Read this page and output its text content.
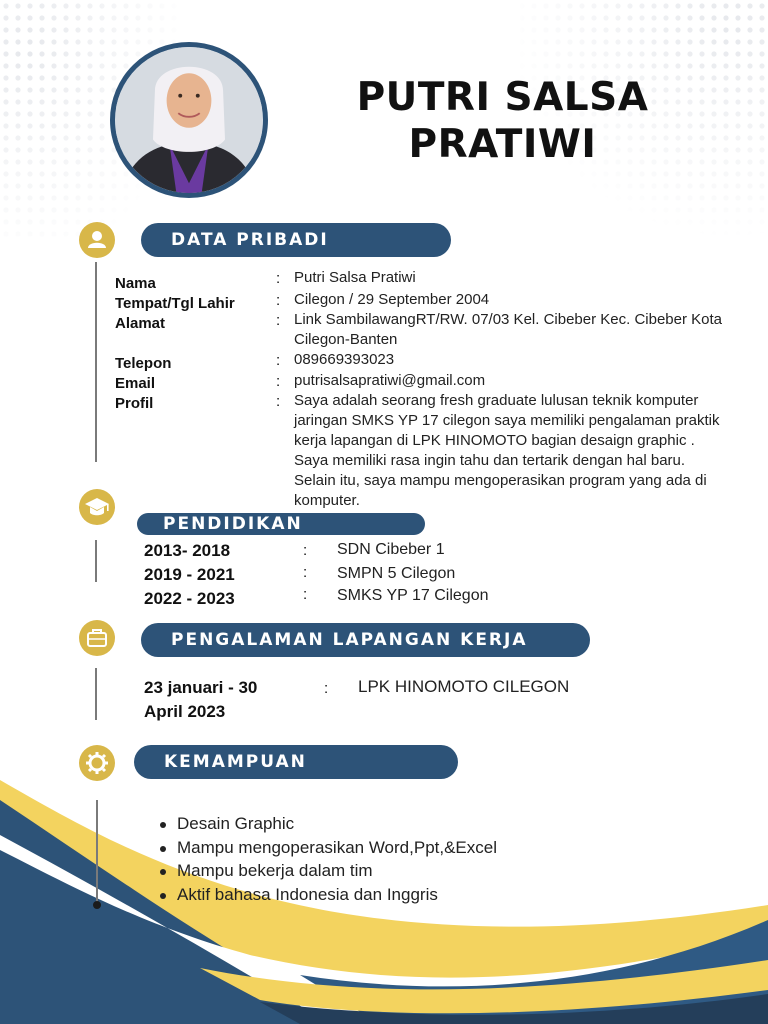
PUTRI SALSA
PRATIWI
DATA PRIBADI
Nama	: Putri Salsa Pratiwi
Tempat/Tgl Lahir	: Cilegon / 29 September 2004
Alamat	: Link SambilawangRT/RW. 07/03 Kel. Cibeber Kec. Cibeber Kota
Cilegon-Banten
Telepon	: 089669393023
Email	: putrisalsapratiwi@gmail.com
Profil	: Saya adalah seorang fresh graduate lulusan teknik komputer
jaringan SMKS YP 17 cilegon saya memiliki pengalaman praktik
kerja lapangan di LPK HINOMOTO bagian desaign graphic .
Saya memiliki rasa ingin tahu dan tertarik dengan hal baru.
Selain itu, saya mampu mengoperasikan program yang ada di
komputer.
PENDIDIKAN
2013- 2018	: SDN Cibeber 1
2019 - 2021	: SMPN 5 Cilegon
2022 - 2023	: SMKS YP 17 Cilegon
PENGALAMAN LAPANGAN KERJA
23 januari - 30
April 2023
: LPK HINOMOTO CILEGON
KEMAMPUAN
Desain Graphic
Mampu mengoperasikan Word,Ppt,&Excel
Mampu bekerja dalam tim
Aktif bahasa Indonesia dan Inggris
